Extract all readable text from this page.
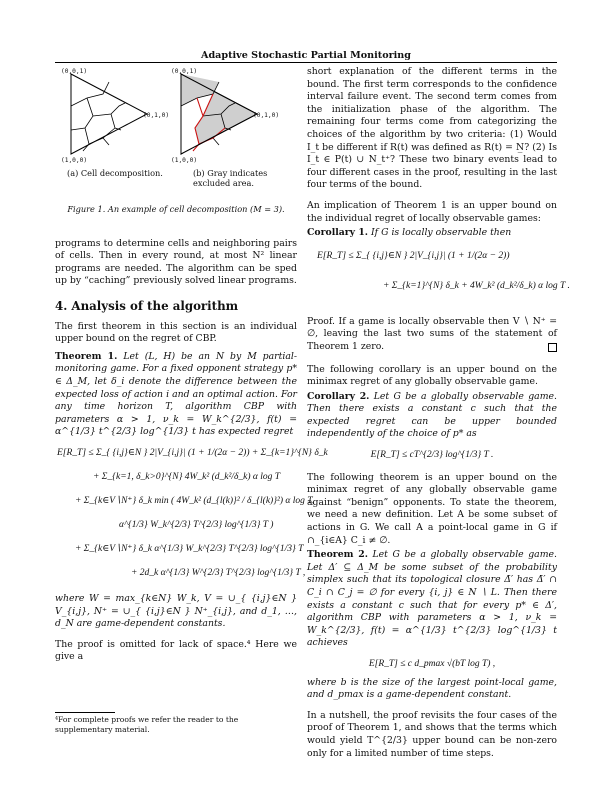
Adaptive Stochastic Partial Monitoring
(0,0,1)
(0,1,0)
(1,0,0)
(0,0,1)
(0,1,0)
(1,0,0)
(a) Cell decomposition.	(b) Gray indicates excluded area.
Figure 1. An example of cell decomposition (M = 3).

programs to determine cells and neighboring pairs of cells. Then in every round, at most N² linear programs are needed. The algorithm can be sped up by “caching” previously solved linear programs.

4. Analysis of the algorithm

The first theorem in this section is an individual upper bound on the regret of CBP.

Theorem 1. Let (L, H) be an N by M partial-monitoring game. For a fixed opponent strategy p* ∈ Δ_M, let δ_i denote the difference between the expected loss of action i and an optimal action. For any time horizon T, algorithm CBP with parameters α > 1, ν_k = W_k^{2/3}, f(t) = α^{1/3} t^{2/3} log^{1/3} t has expected regret

E[R_T] ≤ Σ_{ {i,j}∈N } 2|V_{i,j}| (1 + 1/(2α − 2)) + Σ_{k=1}^{N} δ_k
+ Σ_{k=1, δ_k>0}^{N} 4W_k² (d_k²/δ_k) α log T
+ Σ_{k∈V∖N⁺} δ_k min ( 4W_k² (d_{l(k)}² / δ_{l(k)}²) α log T,
α^{1/3} W_k^{2/3} T^{2/3} log^{1/3} T )
+ Σ_{k∈V∖N⁺} δ_k α^{1/3} W_k^{2/3} T^{2/3} log^{1/3} T
+ 2d_k α^{1/3} W^{2/3} T^{2/3} log^{1/3} T ,

where W = max_{k∈N} W_k, V = ∪_{ {i,j}∈N } V_{i,j}, N⁺ = ∪_{ {i,j}∈N } N⁺_{i,j}, and d_1, …, d_N are game-dependent constants.

The proof is omitted for lack of space.⁴ Here we give a

⁴For complete proofs we refer the reader to the supplementary material.

short explanation of the different terms in the bound. The first term corresponds to the confidence interval failure event. The second term comes from the initialization phase of the algorithm. The remaining four terms come from categorizing the choices of the algorithm by two criteria: (1) Would I_t be different if R(t) was defined as R(t) = N̲? (2) Is I_t ∈ P(t) ∪ N_t⁺? These two binary events lead to four different cases in the proof, resulting in the last four terms of the bound.

An implication of Theorem 1 is an upper bound on the individual regret of locally observable games:

Corollary 1. If G is locally observable then

E[R_T] ≤ Σ_{ {i,j}∈N } 2|V_{i,j}| (1 + 1/(2α − 2))
+ Σ_{k=1}^{N} δ_k + 4W_k² (d_k²/δ_k) α log T .

Proof. If a game is locally observable then V ∖ N⁺ = ∅, leaving the last two sums of the statement of Theorem 1 zero.

The following corollary is an upper bound on the minimax regret of any globally observable game.

Corollary 2. Let G be a globally observable game. Then there exists a constant c such that the expected regret can be upper bounded independently of the choice of p* as

E[R_T] ≤ cT^{2/3} log^{1/3} T .

The following theorem is an upper bound on the minimax regret of any globally observable game against “benign” opponents. To state the theorem, we need a new definition. Let A be some subset of actions in G. We call A a point-local game in G if ∩_{i∈A} C_i ≠ ∅.

Theorem 2. Let G be a globally observable game. Let Δ′ ⊆ Δ_M be some subset of the probability simplex such that its topological closure Δ̄′ has Δ̄′ ∩ C_i ∩ C_j = ∅ for every {i, j} ∈ N ∖ L. Then there exists a constant c such that for every p* ∈ Δ′, algorithm CBP with parameters α > 1, ν_k = W_k^{2/3}, f(t) = α^{1/3} t^{2/3} log^{1/3} t achieves

E[R_T] ≤ c d_pmax √(bT log T) ,

where b is the size of the largest point-local game, and d_pmax is a game-dependent constant.

In a nutshell, the proof revisits the four cases of the proof of Theorem 1, and shows that the terms which would yield T^{2/3} upper bound can be non-zero only for a limited number of time steps.
